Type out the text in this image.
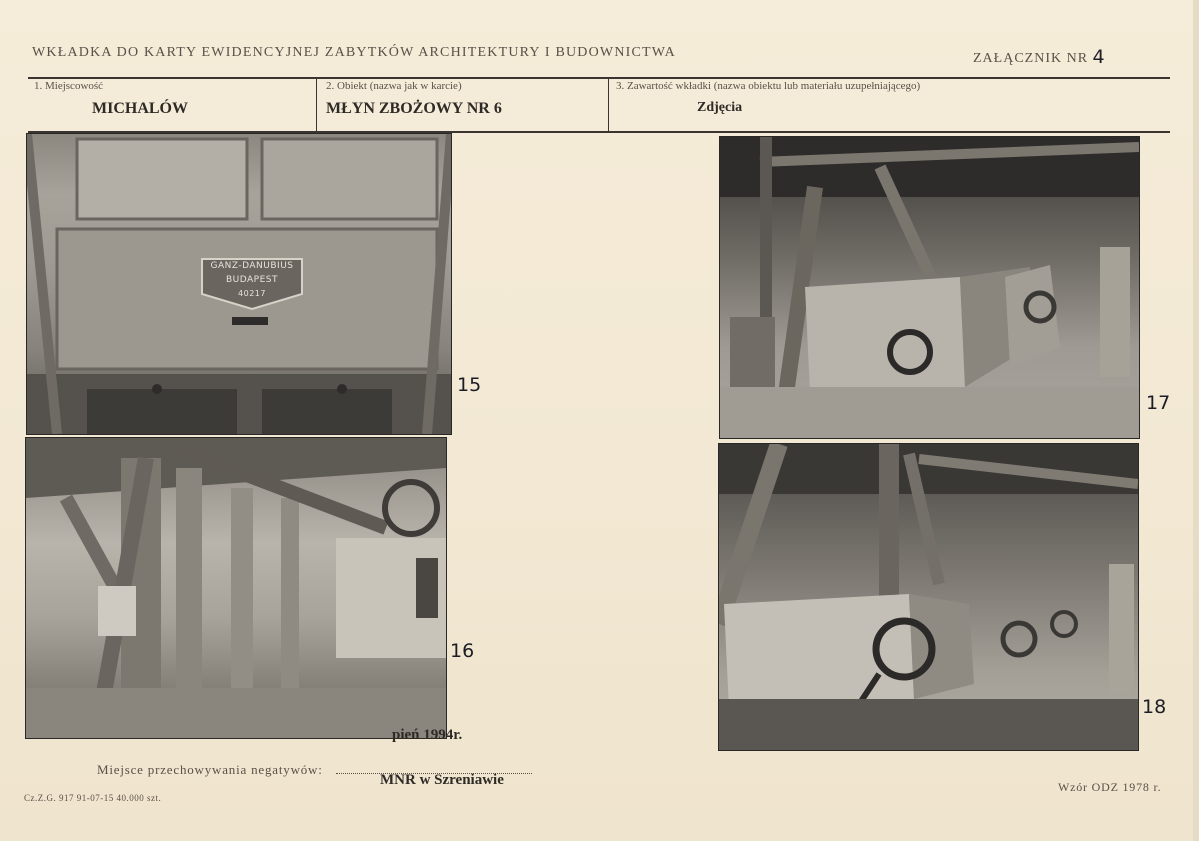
WKŁADKA DO KARTY EWIDENCYJNEJ ZABYTKÓW ARCHITEKTURY I BUDOWNICTWA	ZAŁĄCZNIK NR 4
1. Miejscowość
MICHALÓW
2. Obiekt (nazwa jak w karcie)
MŁYN ZBOŻOWY NR 6
3. Zawartość wkładki (nazwa obiektu lub materiału uzupełniającego)
Zdjęcia
GANZ-DANUBIUS
BUDAPEST
40217
15
16
17
18
pień 1994r.
Miejsce przechowywania negatywów:
MNR w Szreniawie
Cz.Z.G. 917 91-07-15 40.000 szt.
Wzór ODZ 1978 r.
